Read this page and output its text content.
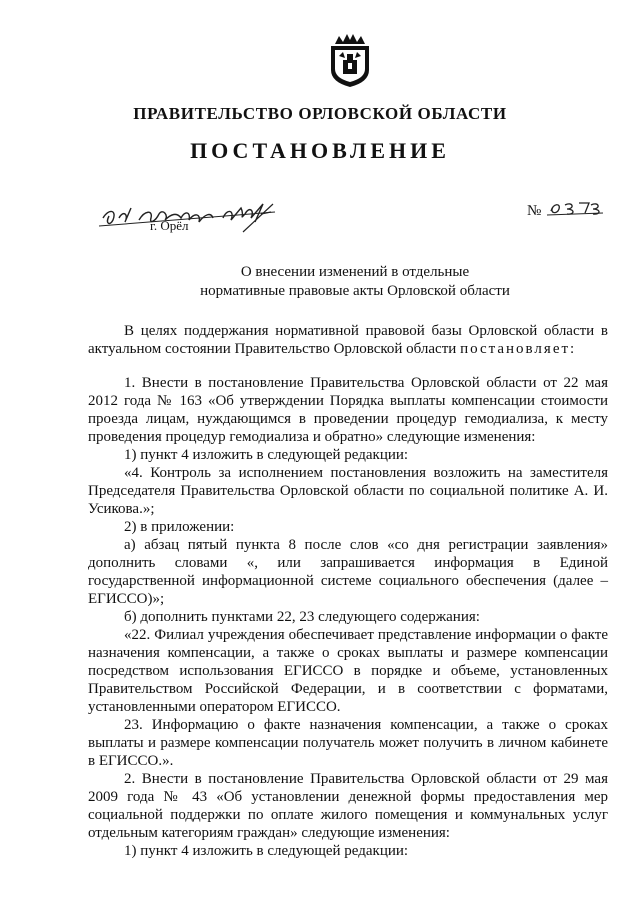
ПРАВИТЕЛЬСТВО ОРЛОВСКОЙ ОБЛАСТИ
ПОСТАНОВЛЕНИЕ
г. Орёл
№
О внесении изменений в отдельные
нормативные правовые акты Орловской области

В целях поддержания нормативной правовой базы Орловской области в актуальном состоянии Правительство Орловской области постановляет:

1. Внести в постановление Правительства Орловской области от 22 мая 2012 года № 163 «Об утверждении Порядка выплаты компенсации стоимости проезда лицам, нуждающимся в проведении процедур гемодиализа, к месту проведения процедур гемодиализа и обратно» следующие изменения:

1) пункт 4 изложить в следующей редакции:

«4. Контроль за исполнением постановления возложить на заместителя Председателя Правительства Орловской области по социальной политике А. И. Усикова.»;

2) в приложении:

а) абзац пятый пункта 8 после слов «со дня регистрации заявления» дополнить словами «, или запрашивается информация в Единой государственной информационной системе социального обеспечения (далее – ЕГИССО)»;

б) дополнить пунктами 22, 23 следующего содержания:

«22. Филиал учреждения обеспечивает представление информации о факте назначения компенсации, а также о сроках выплаты и размере компенсации посредством использования ЕГИССО в порядке и объеме, установленных Правительством Российской Федерации, и в соответствии с форматами, установленными оператором ЕГИССО.

23. Информацию о факте назначения компенсации, а также о сроках выплаты и размере компенсации получатель может получить в личном кабинете в ЕГИССО.».

2. Внести в постановление Правительства Орловской области от 29 мая 2009 года № 43 «Об установлении денежной формы предоставления мер социальной поддержки по оплате жилого помещения и коммунальных услуг отдельным категориям граждан» следующие изменения:

1) пункт 4 изложить в следующей редакции:
